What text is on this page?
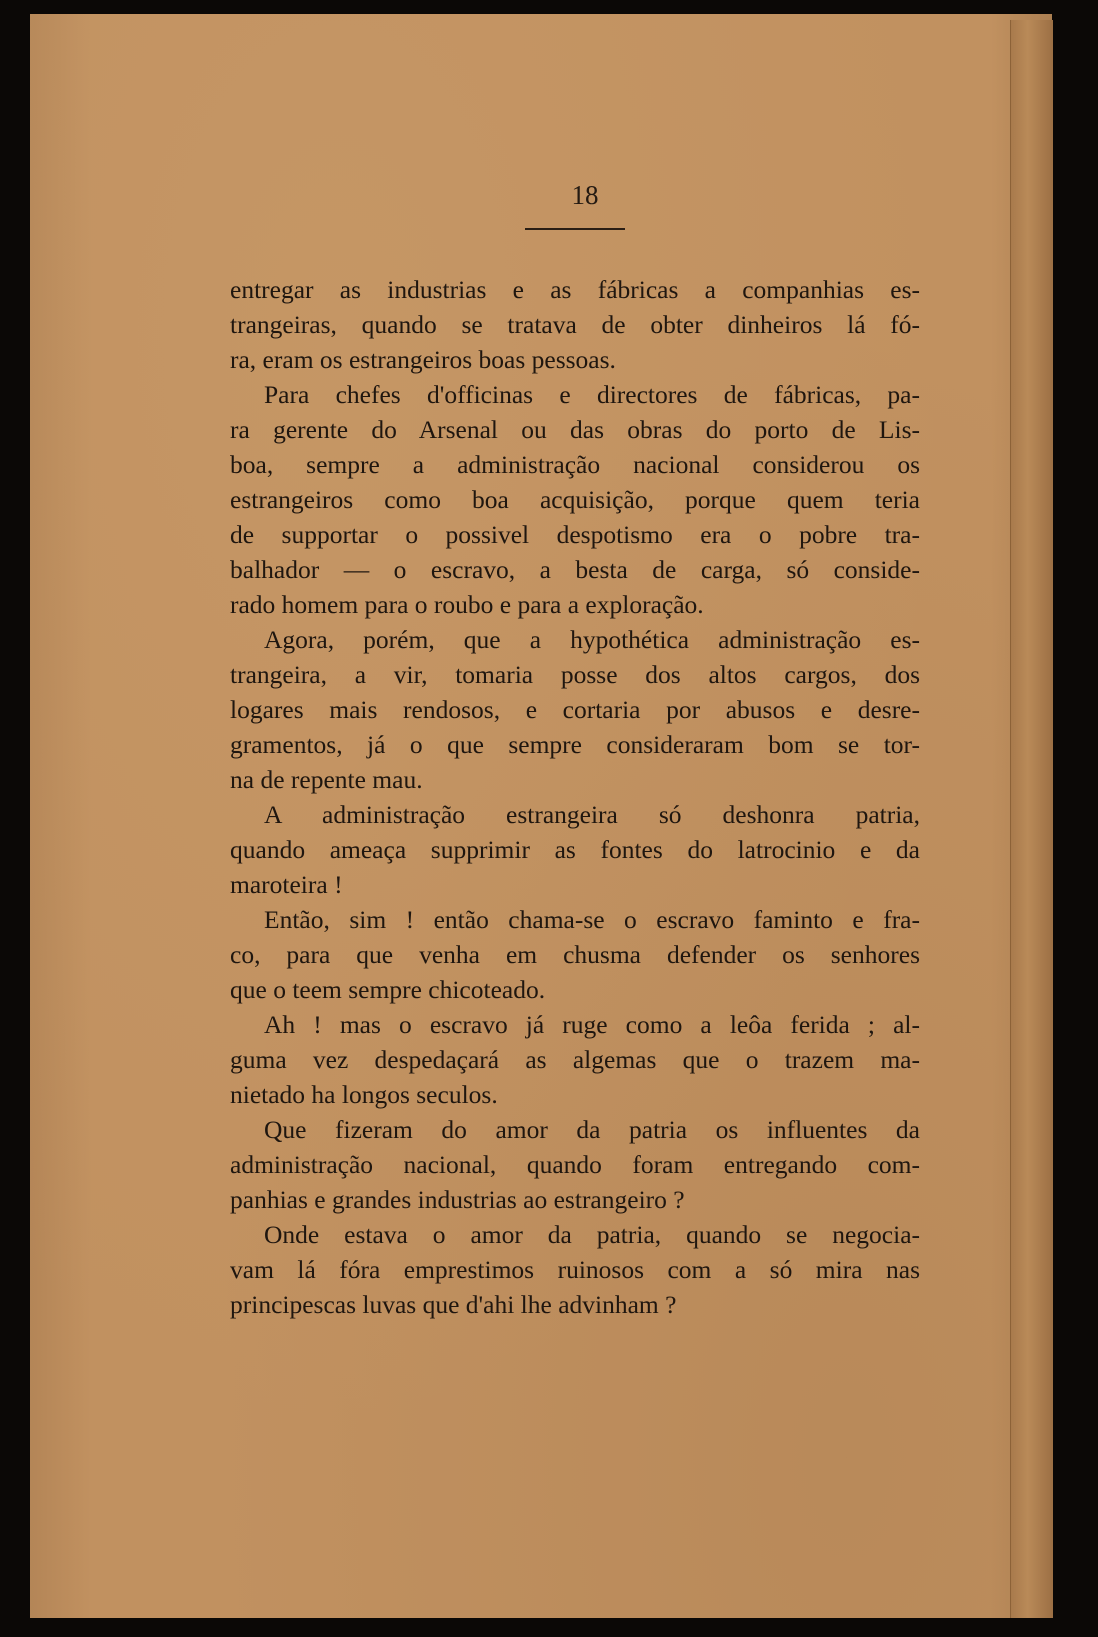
18
entregar as industrias e as fábricas a companhias es-
trangeiras, quando se tratava de obter dinheiros lá fó-
ra, eram os estrangeiros boas pessoas.
Para chefes d'officinas e directores de fábricas, pa-
ra gerente do Arsenal ou das obras do porto de Lis-
boa, sempre a administração nacional considerou os
estrangeiros como boa acquisição, porque quem teria
de supportar o possivel despotismo era o pobre tra-
balhador — o escravo, a besta de carga, só conside-
rado homem para o roubo e para a exploração.
Agora, porém, que a hypothética administração es-
trangeira, a vir, tomaria posse dos altos cargos, dos
logares mais rendosos, e cortaria por abusos e desre-
gramentos, já o que sempre consideraram bom se tor-
na de repente mau.
A administração estrangeira só deshonra patria,
quando ameaça supprimir as fontes do latrocinio e da
maroteira !
Então, sim ! então chama-se o escravo faminto e fra-
co, para que venha em chusma defender os senhores
que o teem sempre chicoteado.
Ah ! mas o escravo já ruge como a leôa ferida ; al-
guma vez despedaçará as algemas que o trazem ma-
nietado ha longos seculos.
Que fizeram do amor da patria os influentes da
administração nacional, quando foram entregando com-
panhias e grandes industrias ao estrangeiro ?
Onde estava o amor da patria, quando se negocia-
vam lá fóra emprestimos ruinosos com a só mira nas
principescas luvas que d'ahi lhe advinham ?
